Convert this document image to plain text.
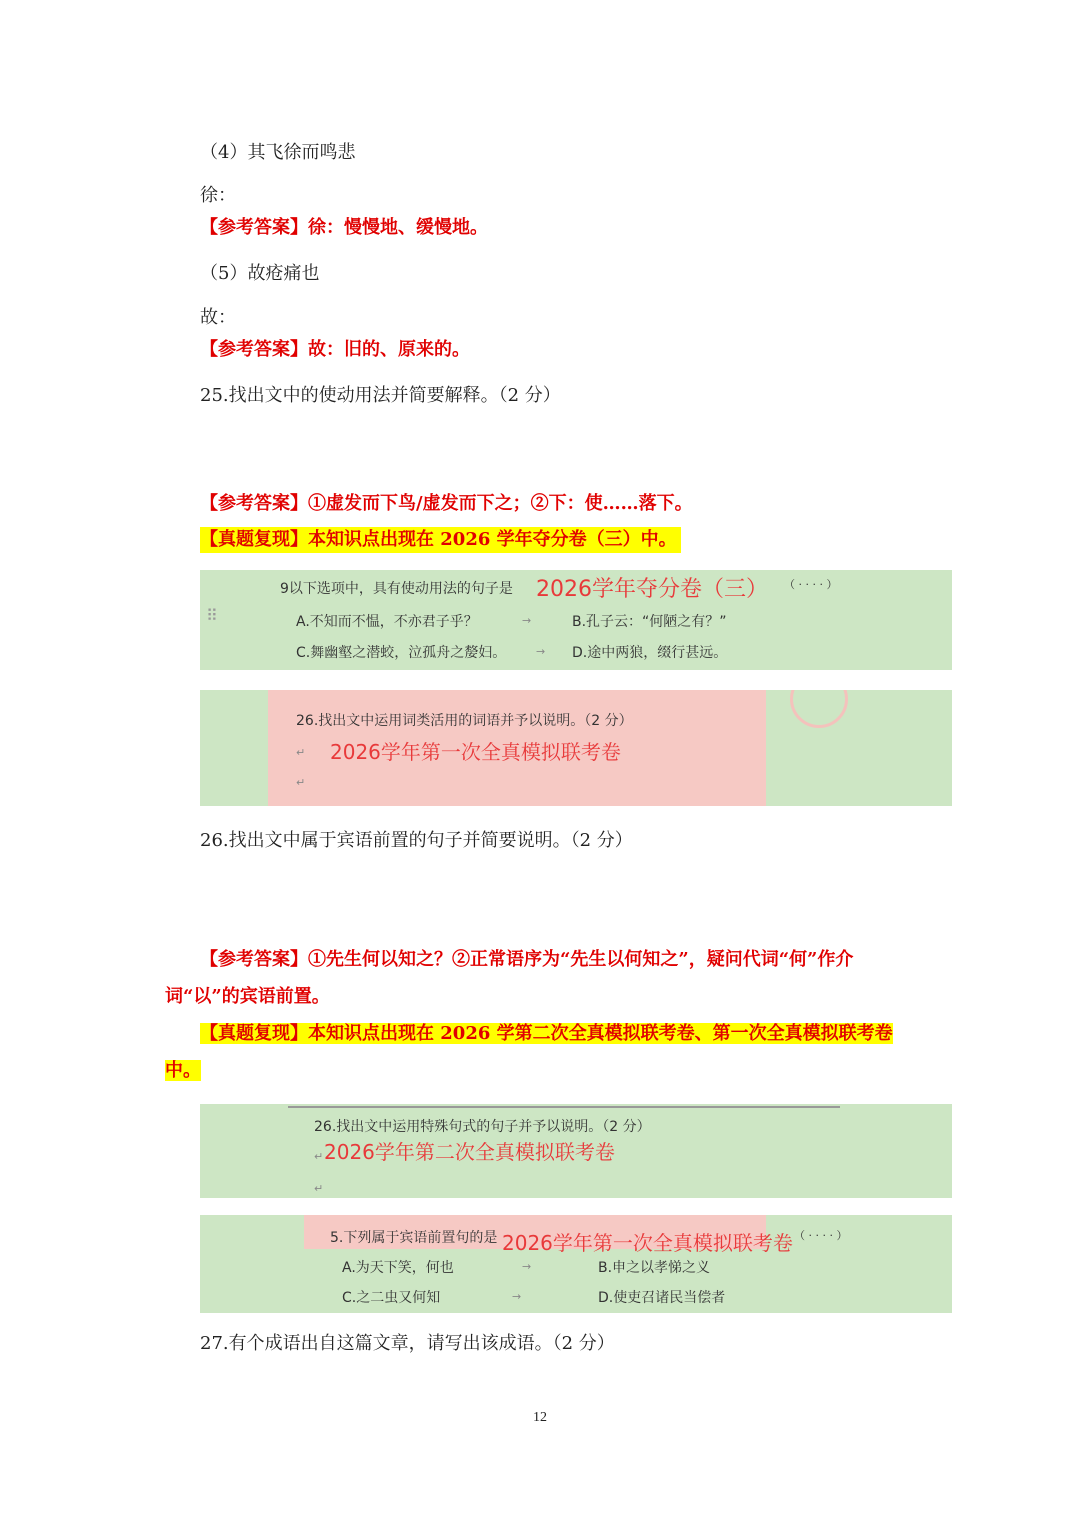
（4）其飞徐而鸣悲
徐：
【参考答案】徐：慢慢地、缓慢地。
（5）故疮痛也
故：
【参考答案】故：旧的、原来的。
25.找出文中的使动用法并简要解释。（2 分）
【参考答案】①虚发而下鸟/虚发而下之；②下：使……落下。
【真题复现】本知识点出现在 2026 学年夺分卷（三）中。
⠿
9以下选项中，具有使动用法的句子是 2026学年夺分卷（三） （ · · · · ）
A.不知而不愠，不亦君子乎？	B.孔子云：“何陋之有？”
C.舞幽壑之潜蛟，泣孤舟之嫠妇。	D.途中两狼，缀行甚远。
→
→
26.找出文中运用词类活用的词语并予以说明。（2 分）
2026学年第一次全真模拟联考卷
↵
↵
26.找出文中属于宾语前置的句子并简要说明。（2 分）
【参考答案】①先生何以知之？②正常语序为“先生以何知之”，疑问代词“何”作介
词“以”的宾语前置。
【真题复现】本知识点出现在 2026 学第二次全真模拟联考卷、第一次全真模拟联考卷
中。
26.找出文中运用特殊句式的句子并予以说明。（2 分）
2026学年第二次全真模拟联考卷
↵
↵
5.下列属于宾语前置句的是 2026学年第一次全真模拟联考卷 （ · · · · ）
A.为天下笑，何也	B.申之以孝悌之义
C.之二虫又何知	D.使吏召诸民当偿者
→
→
27.有个成语出自这篇文章，请写出该成语。（2 分）
12
